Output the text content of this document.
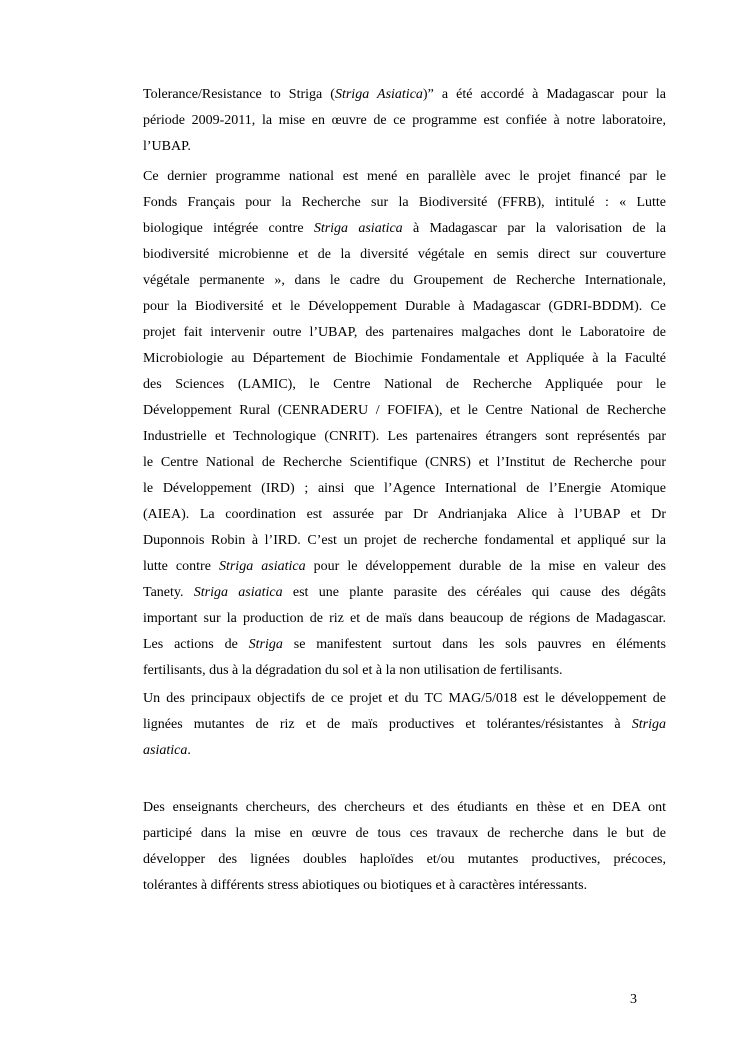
Tolerance/Resistance to Striga (Striga Asiatica)” a été accordé à Madagascar pour la
période 2009-2011, la mise en œuvre de ce programme est confiée à notre laboratoire,
l’UBAP.
Ce dernier programme national est mené en parallèle avec le projet financé par le
Fonds Français pour la Recherche sur la Biodiversité (FFRB), intitulé : « Lutte
biologique intégrée contre Striga asiatica à Madagascar par la valorisation de la
biodiversité microbienne et de la diversité végétale en semis direct sur couverture
végétale permanente », dans le cadre du Groupement de Recherche Internationale,
pour la Biodiversité et le Développement Durable à Madagascar (GDRI-BDDM). Ce
projet fait intervenir outre l’UBAP, des partenaires malgaches dont le Laboratoire de
Microbiologie au Département de Biochimie Fondamentale et Appliquée à la Faculté
des Sciences (LAMIC), le Centre National de Recherche Appliquée pour le
Développement Rural (CENRADERU / FOFIFA), et le Centre National de Recherche
Industrielle et Technologique (CNRIT). Les partenaires étrangers sont représentés par
le Centre National de Recherche Scientifique (CNRS) et l’Institut de Recherche pour
le Développement (IRD) ; ainsi que l’Agence International de l’Energie Atomique
(AIEA). La coordination est assurée par Dr Andrianjaka Alice à l’UBAP et Dr
Duponnois Robin à l’IRD. C’est un projet de recherche fondamental et appliqué sur la
lutte contre Striga asiatica pour le développement durable de la mise en valeur des
Tanety. Striga asiatica est une plante parasite des céréales qui cause des dégâts
important sur la production de riz et de maïs dans beaucoup de régions de Madagascar.
Les actions de Striga se manifestent surtout dans les sols pauvres en éléments
fertilisants, dus à la dégradation du sol et à la non utilisation de fertilisants.
Un des principaux objectifs de ce projet et du TC MAG/5/018 est le développement de
lignées mutantes de riz et de maïs productives et tolérantes/résistantes à Striga
asiatica.
Des enseignants chercheurs, des chercheurs et des étudiants en thèse et en DEA ont
participé dans la mise en œuvre de tous ces travaux de recherche dans le but de
développer des lignées doubles haploïdes et/ou mutantes productives, précoces,
tolérantes à différents stress abiotiques ou biotiques et à caractères intéressants.
3
